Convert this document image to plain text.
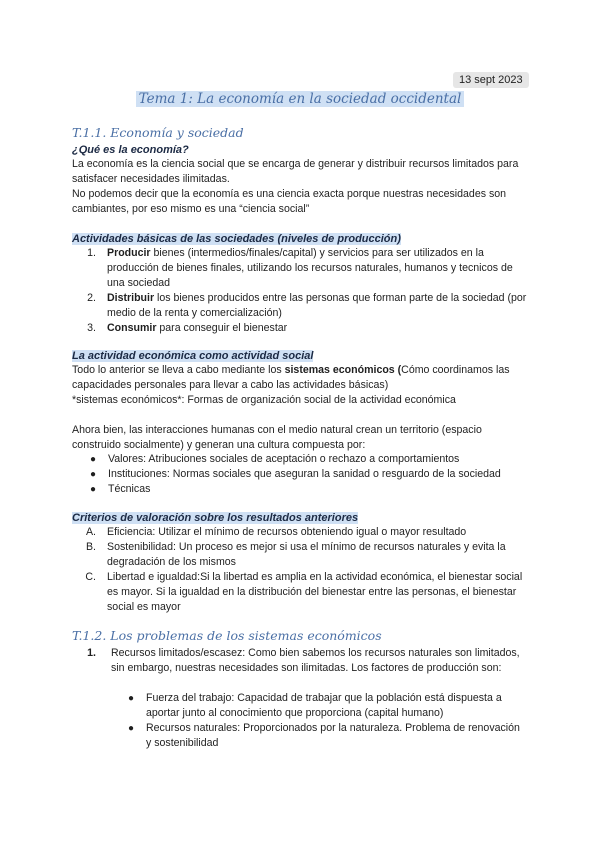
13 sept 2023
Tema 1: La economía en la sociedad occidental
T.1.1. Economía y sociedad
¿Qué es la economía?
La economía es la ciencia social que se encarga de generar y distribuir recursos limitados para satisfacer necesidades ilimitadas.
No podemos decir que la economía es una ciencia exacta porque nuestras necesidades son cambiantes, por eso mismo es una “ciencia social”
Actividades básicas de las sociedades (niveles de producción)
1. Producir bienes (intermedios/finales/capital) y servicios para ser utilizados en la producción de bienes finales, utilizando los recursos naturales, humanos y tecnicos de una sociedad
2. Distribuir los bienes producidos entre las personas que forman parte de la sociedad (por medio de la renta y comercialización)
3. Consumir para conseguir el bienestar
La actividad económica como actividad social
Todo lo anterior se lleva a cabo mediante los sistemas económicos (Cómo coordinamos las capacidades personales para llevar a cabo las actividades básicas)
*sistemas económicos*: Formas de organización social de la actividad económica
Ahora bien, las interacciones humanas con el medio natural crean un territorio (espacio construido socialmente) y generan una cultura compuesta por:
● Valores: Atribuciones sociales de aceptación o rechazo a comportamientos
● Instituciones: Normas sociales que aseguran la sanidad o resguardo de la sociedad
● Técnicas
Criterios de valoración sobre los resultados anteriores
A. Eficiencia: Utilizar el mínimo de recursos obteniendo igual o mayor resultado
B. Sostenibilidad: Un proceso es mejor si usa el mínimo de recursos naturales y evita la degradación de los mismos
C. Libertad e igualdad:Si la libertad es amplia en la actividad económica, el bienestar social es mayor. Si la igualdad en la distribución del bienestar entre las personas, el bienestar social es mayor
T.1.2. Los problemas de los sistemas económicos
1. Recursos limitados/escasez: Como bien sabemos los recursos naturales son limitados, sin embargo, nuestras necesidades son ilimitadas. Los factores de producción son:
● Fuerza del trabajo: Capacidad de trabajar que la población está dispuesta a aportar junto al conocimiento que proporciona (capital humano)
● Recursos naturales: Proporcionados por la naturaleza. Problema de renovación y sostenibilidad
